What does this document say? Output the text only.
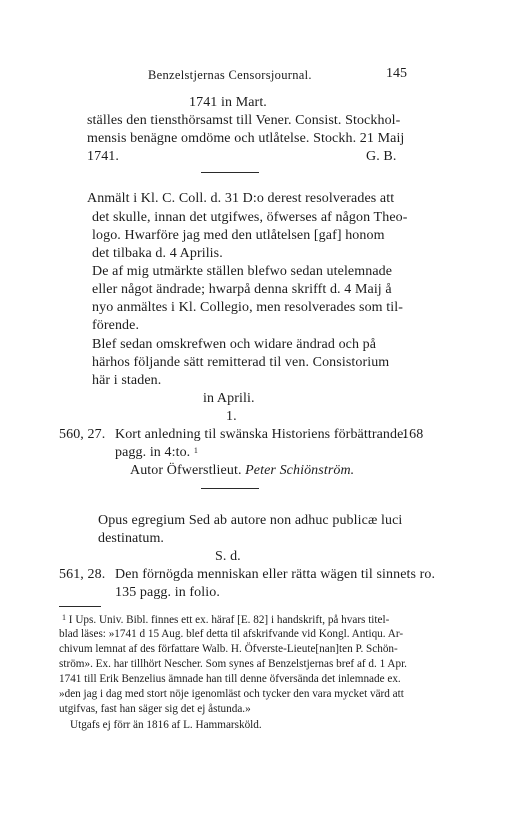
Benzelstjernas Censorsjournal.	145
1741 in Mart.
ställes den tiensthörsamst till Vener. Consist. Stockhol-
mensis benägne omdöme och utlåtelse. Stockh. 21 Maij
1741.	G. B.
Anmält i Kl. C. Coll. d. 31 D:o derest resolverades att
det skulle, innan det utgifwes, öfwerses af någon Theo-
logo. Hwarföre jag med den utlåtelsen [gaf] honom
det tilbaka d. 4 Aprilis.
De af mig utmärkte ställen blefwo sedan utelemnade
eller något ändrade; hwarpå denna skrifft d. 4 Maij å
nyo anmältes i Kl. Collegio, men resolverades som til-
förende.
Blef sedan omskrefwen och widare ändrad och på
härhos följande sätt remitterad til ven. Consistorium
här i staden.
in Aprili.
1.
560, 27. Kort anledning til swänska Historiens förbättrande.
168
pagg. in 4:to. $^1$
Autor Öfwerstlieut. Peter Schiönström.
Opus egregium Sed ab autore non adhuc publicæ luci
destinatum.
S. d.
561, 28. Den förnögda menniskan eller rätta wägen til sinnets ro.
135 pagg. in folio.
$^1$ I Ups. Univ. Bibl. finnes ett ex. häraf [E. 82] i handskrift, på hvars titel-
blad läses: »1741 d 15 Aug. blef detta til afskrifvande vid Kongl. Antiqu. Ar-
chivum lemnat af des författare Walb. H. Öfverste-Lieute[nan]ten P. Schön-
ström». Ex. har tillhört Nescher. Som synes af Benzelstjernas bref af d. 1 Apr.
1741 till Erik Benzelius ämnade han till denne öfversända det inlemnade ex.
»den jag i dag med stort nöje igenomläst och tycker den vara mycket värd att
utgifvas, fast han säger sig det ej åstunda.»
Utgafs ej förr än 1816 af L. Hammarsköld.
